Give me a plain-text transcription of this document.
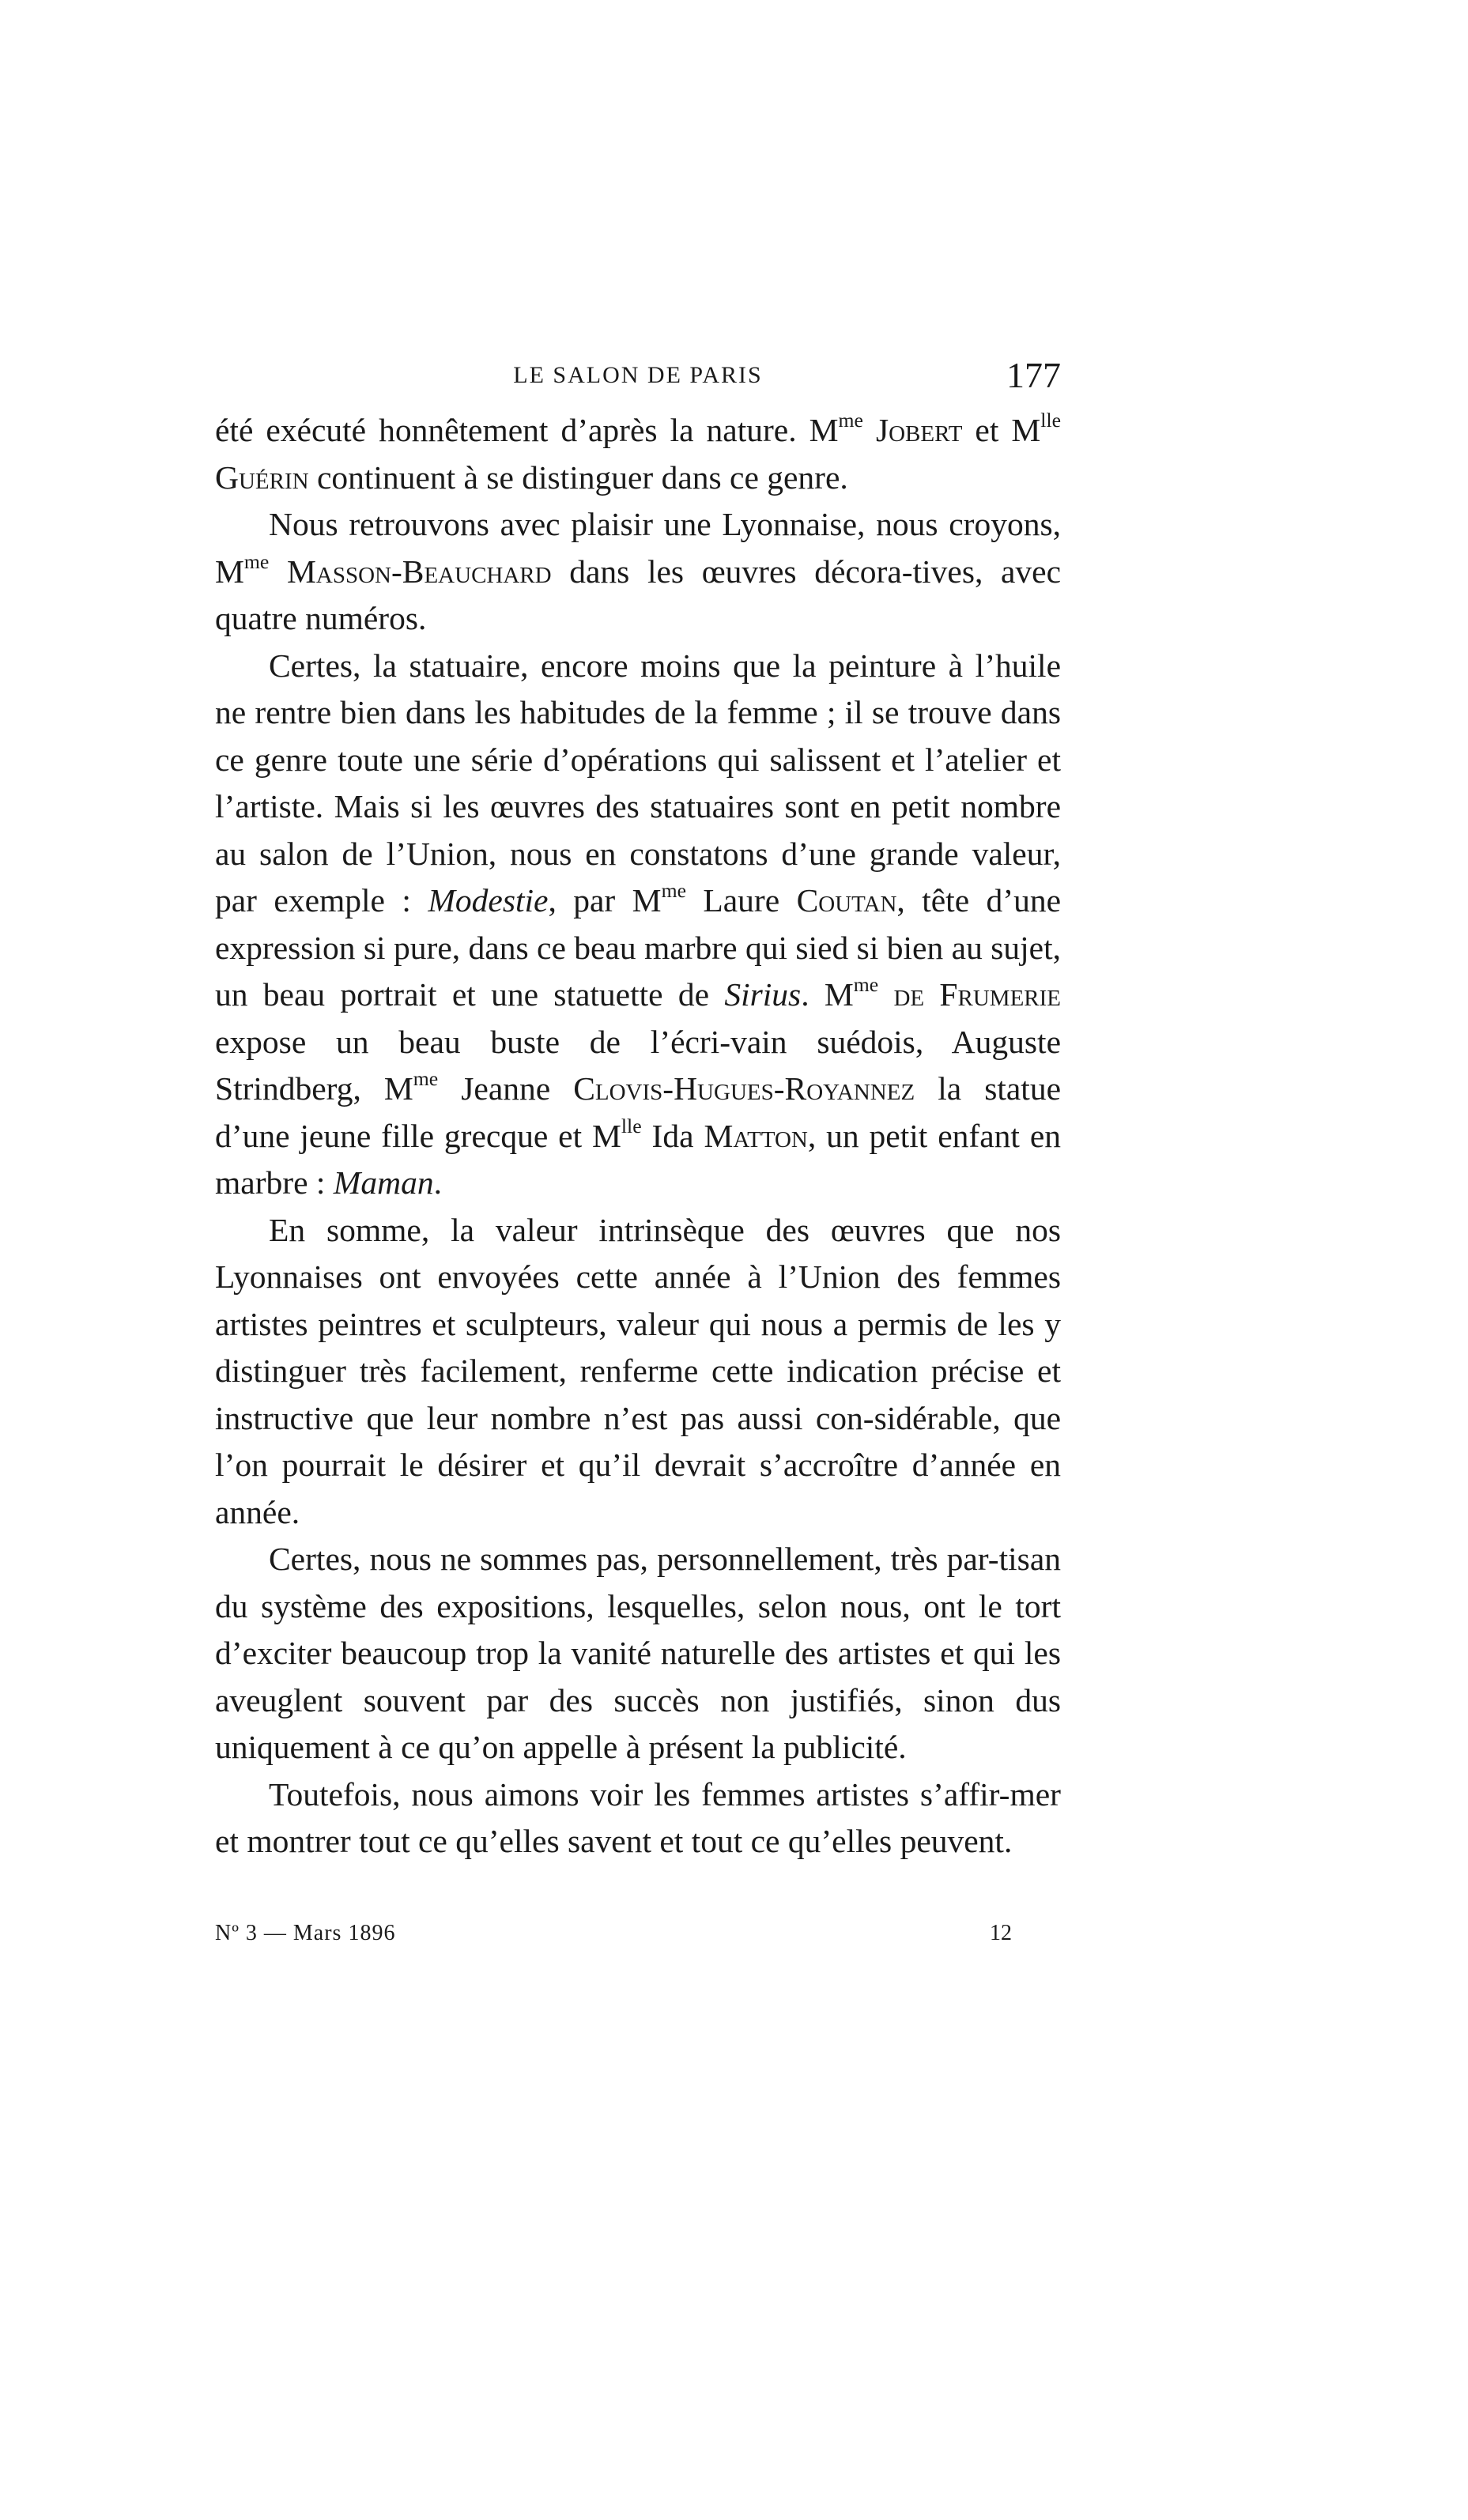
LE SALON DE PARIS	177

été exécuté honnêtement d’après la nature. $M^{me}$ Jobert et $M^{lle}$ Guérin continuent à se distinguer dans ce genre.

Nous retrouvons avec plaisir une Lyonnaise, nous croyons, $M^{me}$ Masson-Beauchard dans les œuvres décora-tives, avec quatre numéros.

Certes, la statuaire, encore moins que la peinture à l’huile ne rentre bien dans les habitudes de la femme ; il se trouve dans ce genre toute une série d’opérations qui salissent et l’atelier et l’artiste. Mais si les œuvres des statuaires sont en petit nombre au salon de l’Union, nous en constatons d’une grande valeur, par exemple : Modestie, par $M^{me}$ Laure Coutan, tête d’une expression si pure, dans ce beau marbre qui sied si bien au sujet, un beau portrait et une statuette de Sirius. $M^{me}$ de Frumerie expose un beau buste de l’écri-vain suédois, Auguste Strindberg, $M^{me}$ Jeanne Clovis-Hugues-Royannez la statue d’une jeune fille grecque et $M^{lle}$ Ida Matton, un petit enfant en marbre : Maman.

En somme, la valeur intrinsèque des œuvres que nos Lyonnaises ont envoyées cette année à l’Union des femmes artistes peintres et sculpteurs, valeur qui nous a permis de les y distinguer très facilement, renferme cette indication précise et instructive que leur nombre n’est pas aussi con-sidérable, que l’on pourrait le désirer et qu’il devrait s’accroître d’année en année.

Certes, nous ne sommes pas, personnellement, très par-tisan du système des expositions, lesquelles, selon nous, ont le tort d’exciter beaucoup trop la vanité naturelle des artistes et qui les aveuglent souvent par des succès non justifiés, sinon dus uniquement à ce qu’on appelle à présent la publicité.

Toutefois, nous aimons voir les femmes artistes s’affir-mer et montrer tout ce qu’elles savent et tout ce qu’elles peuvent.

Nº 3 — Mars 1896	12
